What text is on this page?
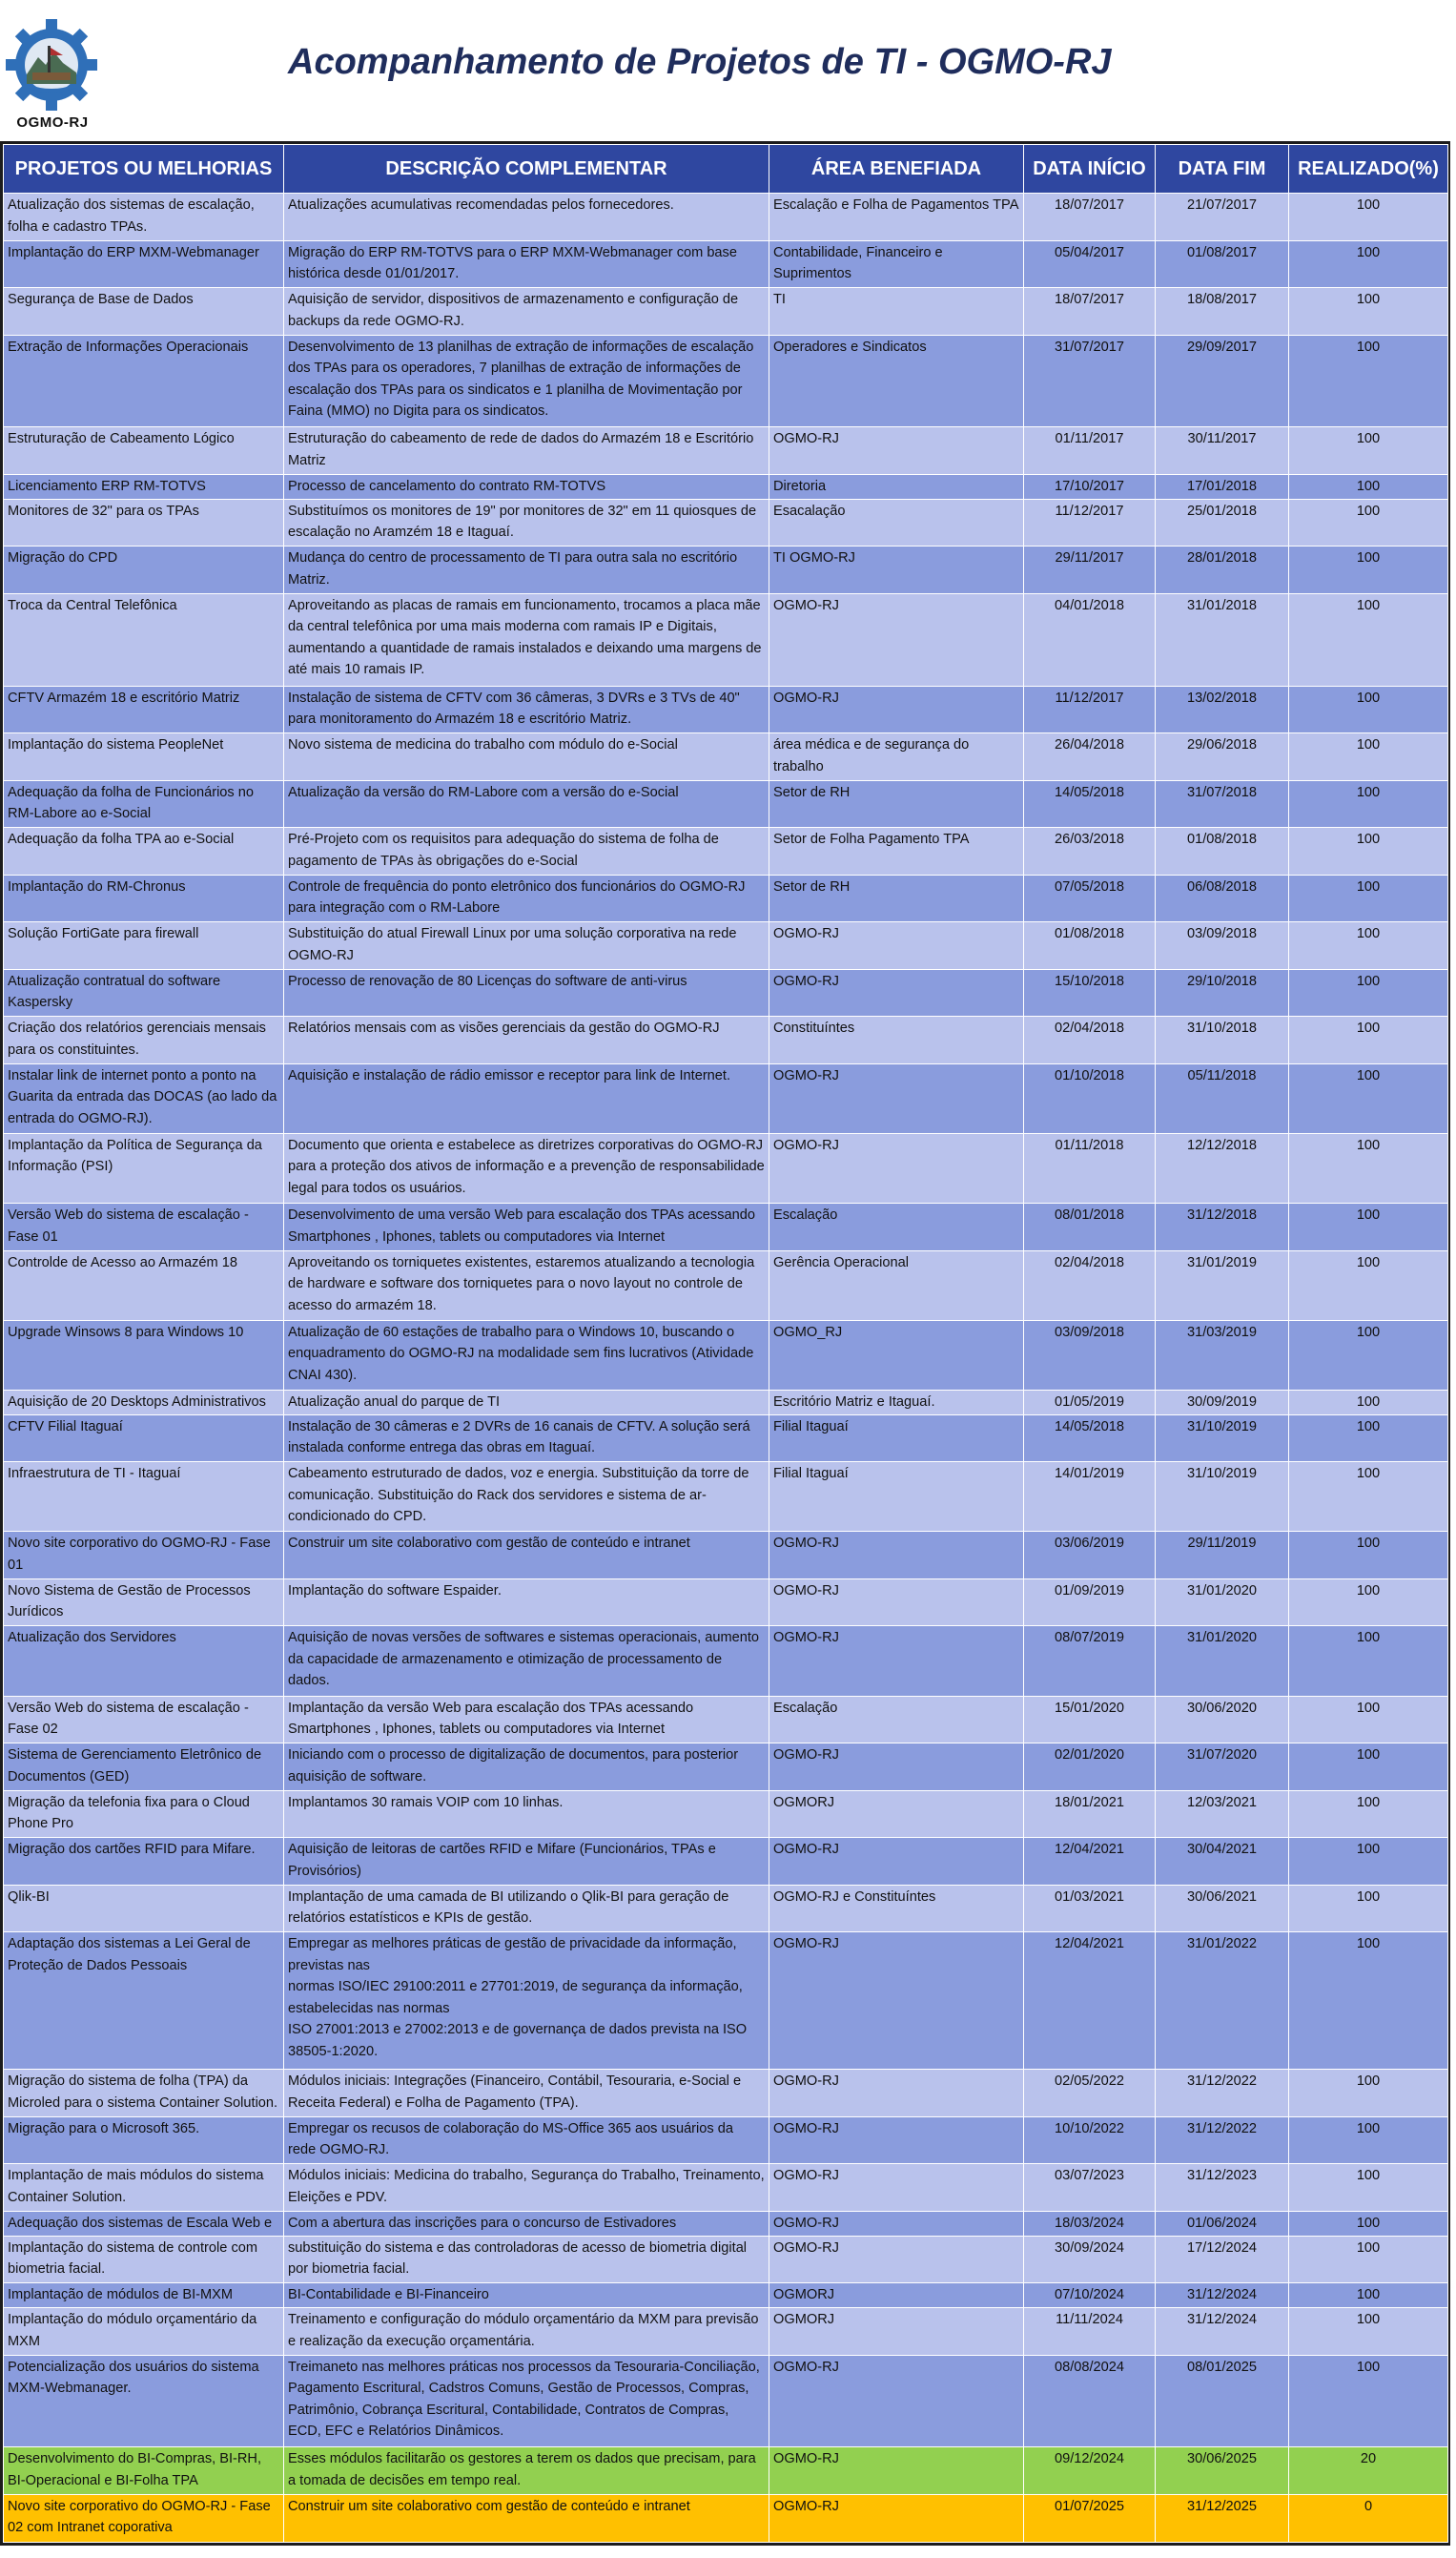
OGMO-RJ
Acompanhamento de Projetos de TI - OGMO-RJ
PROJETOS OU MELHORIAS	DESCRIÇÃO COMPLEMENTAR	ÁREA BENEFIADA	DATA INÍCIO	DATA FIM	REALIZADO(%)
Atualização dos sistemas de escalação, folha e cadastro TPAs.	Atualizações acumulativas recomendadas pelos fornecedores.	Escalação e Folha de Pagamentos TPA	18/07/2017	21/07/2017	100
Implantação do ERP MXM-Webmanager	Migração do ERP RM-TOTVS para o ERP MXM-Webmanager com base histórica desde 01/01/2017.	Contabilidade, Financeiro e Suprimentos	05/04/2017	01/08/2017	100
Segurança de Base de Dados	Aquisição de servidor, dispositivos de armazenamento e configuração de backups da rede OGMO-RJ.	TI	18/07/2017	18/08/2017	100
Extração de Informações Operacionais	Desenvolvimento de 13 planilhas de extração de informações de escalação dos TPAs para os operadores, 7 planilhas de extração de informações de escalação dos TPAs para os sindicatos e 1 planilha de Movimentação por Faina (MMO) no Digita para os sindicatos.	Operadores e Sindicatos	31/07/2017	29/09/2017	100
Estruturação de Cabeamento Lógico	Estruturação do cabeamento de rede de dados do Armazém 18 e Escritório Matriz	OGMO-RJ	01/11/2017	30/11/2017	100
Licenciamento ERP RM-TOTVS	Processo de cancelamento do contrato RM-TOTVS	Diretoria	17/10/2017	17/01/2018	100
Monitores de 32" para os TPAs	Substituímos os monitores de 19" por monitores de 32" em 11 quiosques de escalação no Aramzém 18 e Itaguaí.	Esacalação	11/12/2017	25/01/2018	100
Migração do CPD	Mudança do centro de processamento de TI para outra sala no escritório Matriz.	TI OGMO-RJ	29/11/2017	28/01/2018	100
Troca da Central Telefônica	Aproveitando as placas de ramais em funcionamento, trocamos a placa mãe da central telefônica por uma mais moderna com ramais IP e Digitais, aumentando a quantidade de ramais instalados e deixando uma margens de até mais 10 ramais IP.	OGMO-RJ	04/01/2018	31/01/2018	100
CFTV Armazém 18 e escritório Matriz	Instalação de sistema de CFTV com 36 câmeras, 3 DVRs e 3 TVs de 40" para monitoramento do Armazém 18 e escritório Matriz.	OGMO-RJ	11/12/2017	13/02/2018	100
Implantação do sistema PeopleNet	Novo sistema de medicina do trabalho com módulo do e-Social	área médica e de segurança do trabalho	26/04/2018	29/06/2018	100
Adequação da folha de Funcionários no RM-Labore ao e-Social	Atualização da versão do RM-Labore com a versão do e-Social	Setor de RH	14/05/2018	31/07/2018	100
Adequação da folha TPA ao e-Social	Pré-Projeto com os requisitos para adequação do sistema de folha de pagamento de TPAs às obrigações do e-Social	Setor de Folha Pagamento TPA	26/03/2018	01/08/2018	100
Implantação do RM-Chronus	Controle de frequência do ponto eletrônico dos funcionários do OGMO-RJ para integração com o RM-Labore	Setor de RH	07/05/2018	06/08/2018	100
Solução FortiGate para firewall	Substituição do atual Firewall Linux por uma solução corporativa na rede OGMO-RJ	OGMO-RJ	01/08/2018	03/09/2018	100
Atualização contratual do software Kaspersky	Processo de renovação de 80 Licenças do software de anti-virus	OGMO-RJ	15/10/2018	29/10/2018	100
Criação dos relatórios gerenciais mensais para os constituintes.	Relatórios mensais com as visões gerenciais da gestão do OGMO-RJ	Constituíntes	02/04/2018	31/10/2018	100
Instalar link de internet ponto a ponto na Guarita da entrada das DOCAS (ao lado da entrada do OGMO-RJ).	Aquisição e instalação de rádio emissor e receptor para link de Internet.	OGMO-RJ	01/10/2018	05/11/2018	100
Implantação da Política de Segurança da Informação (PSI)	Documento que orienta e estabelece as diretrizes corporativas do OGMO-RJ para a proteção dos ativos de informação e a prevenção de responsabilidade legal para todos os usuários.	OGMO-RJ	01/11/2018	12/12/2018	100
Versão Web do sistema de escalação - Fase 01	Desenvolvimento de uma versão Web para escalação dos TPAs acessando Smartphones , Iphones, tablets ou computadores via Internet	Escalação	08/01/2018	31/12/2018	100
Controlde de Acesso ao Armazém 18	Aproveitando os torniquetes existentes, estaremos atualizando a tecnologia de hardware e software dos torniquetes para o novo layout no controle de acesso do armazém 18.	Gerência Operacional	02/04/2018	31/01/2019	100
Upgrade Winsows 8 para Windows 10	Atualização de 60 estações de trabalho para o Windows 10, buscando o enquadramento do OGMO-RJ na modalidade sem fins lucrativos (Atividade CNAI 430).	OGMO_RJ	03/09/2018	31/03/2019	100
Aquisição de 20 Desktops Administrativos	Atualização anual do parque de TI	Escritório Matriz e Itaguaí.	01/05/2019	30/09/2019	100
CFTV Filial Itaguaí	Instalação de 30 câmeras e 2 DVRs de 16 canais de CFTV. A solução será instalada conforme entrega das obras em Itaguaí.	Filial Itaguaí	14/05/2018	31/10/2019	100
Infraestrutura de TI - Itaguaí	Cabeamento estruturado de dados, voz e energia. Substituição da torre de comunicação. Substituição do Rack dos servidores e sistema de ar-condicionado do CPD.	Filial Itaguaí	14/01/2019	31/10/2019	100
Novo site corporativo do OGMO-RJ - Fase 01	Construir um site colaborativo com gestão de conteúdo e intranet	OGMO-RJ	03/06/2019	29/11/2019	100
Novo Sistema de Gestão de Processos Jurídicos	Implantação do software Espaider.	OGMO-RJ	01/09/2019	31/01/2020	100
Atualização dos Servidores	Aquisição de novas versões de softwares e sistemas operacionais, aumento da capacidade de armazenamento e otimização de processamento de dados.	OGMO-RJ	08/07/2019	31/01/2020	100
Versão Web do sistema de escalação - Fase 02	Implantação da versão Web para escalação dos TPAs acessando Smartphones , Iphones, tablets ou computadores via Internet	Escalação	15/01/2020	30/06/2020	100
Sistema de Gerenciamento Eletrônico de Documentos (GED)	Iniciando com o processo de digitalização de documentos, para posterior aquisição de software.	OGMO-RJ	02/01/2020	31/07/2020	100
Migração da telefonia fixa para o Cloud Phone Pro	Implantamos 30 ramais VOIP com 10 linhas.	OGMORJ	18/01/2021	12/03/2021	100
Migração dos cartões RFID para Mifare.	Aquisição de leitoras de cartões RFID e Mifare (Funcionários, TPAs e Provisórios)	OGMO-RJ	12/04/2021	30/04/2021	100
Qlik-BI	Implantação de uma camada de BI utilizando o Qlik-BI para geração de relatórios estatísticos e KPIs de gestão.	OGMO-RJ e Constituíntes	01/03/2021	30/06/2021	100
Adaptação dos sistemas a Lei Geral de Proteção de Dados Pessoais	Empregar as melhores práticas de gestão de privacidade da informação, previstas nas
normas ISO/IEC 29100:2011 e 27701:2019, de segurança da informação, estabelecidas nas normas
ISO 27001:2013 e 27002:2013 e de governança de dados prevista na ISO 38505-1:2020.	OGMO-RJ	12/04/2021	31/01/2022	100
Migração do sistema de folha (TPA) da Microled para o sistema Container Solution.	Módulos iniciais: Integrações (Financeiro, Contábil, Tesouraria, e-Social e Receita Federal) e Folha de Pagamento (TPA).	OGMO-RJ	02/05/2022	31/12/2022	100
Migração para o Microsoft 365.	Empregar os recusos de colaboração do MS-Office 365 aos usuários da rede OGMO-RJ.	OGMO-RJ	10/10/2022	31/12/2022	100
Implantação de mais módulos do sistema Container Solution.	Módulos iniciais: Medicina do trabalho, Segurança do Trabalho, Treinamento, Eleições e PDV.	OGMO-RJ	03/07/2023	31/12/2023	100
Adequação dos sistemas de Escala Web e	Com a abertura das inscrições para o concurso de Estivadores	OGMO-RJ	18/03/2024	01/06/2024	100
Implantação do sistema de controle com biometria facial.	substituição do sistema e das controladoras de acesso de biometria digital por biometria facial.	OGMO-RJ	30/09/2024	17/12/2024	100
Implantação de módulos de BI-MXM	BI-Contabilidade e BI-Financeiro	OGMORJ	07/10/2024	31/12/2024	100
Implantação do módulo orçamentário da MXM	Treinamento e configuração do módulo orçamentário da MXM para previsão e realização da execução orçamentária.	OGMORJ	11/11/2024	31/12/2024	100
Potencialização dos usuários do sistema MXM-Webmanager.	Treimaneto nas melhores práticas nos processos da Tesouraria-Conciliação, Pagamento Escritural, Cadstros Comuns, Gestão de Processos, Compras, Patrimônio, Cobrança Escritural, Contabilidade, Contratos de Compras, ECD, EFC e Relatórios Dinâmicos.	OGMO-RJ	08/08/2024	08/01/2025	100
Desenvolvimento do BI-Compras, BI-RH, BI-Operacional e BI-Folha TPA	Esses módulos facilitarão os gestores a terem os dados que precisam, para a tomada de decisões em tempo real.	OGMO-RJ	09/12/2024	30/06/2025	20
Novo site corporativo do OGMO-RJ - Fase 02 com Intranet coporativa	Construir um site colaborativo com gestão de conteúdo e intranet	OGMO-RJ	01/07/2025	31/12/2025	0
